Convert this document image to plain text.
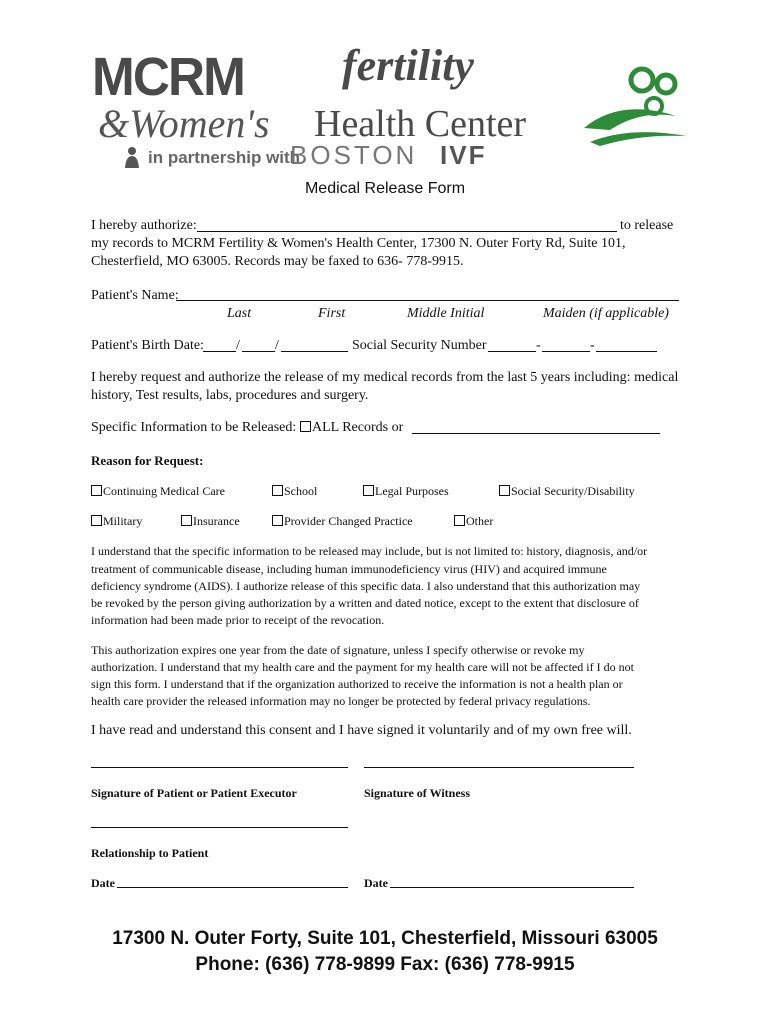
MCRM fertility
&Women's Health Center
in partnership with
BOSTON IVF
Medical Release Form
I hereby authorize:	to release
my records to MCRM Fertility & Women's Health Center, 17300 N. Outer Forty Rd, Suite 101,
Chesterfield, MO 63005. Records may be faxed to 636- 778-9915.
Patient's Name:
Last	First	Middle Initial	Maiden (if applicable)
Patient's Birth Date: /	/	Social Security Number	-	-
I hereby request and authorize the release of my medical records from the last 5 years including: medical
history, Test results, labs, procedures and surgery.
Specific Information to be Released:	ALL Records or
Reason for Request:
Continuing Medical Care	School	Legal Purposes	Social Security/Disability
Military	Insurance	Provider Changed Practice	Other
I understand that the specific information to be released may include, but is not limited to: history, diagnosis, and/or
treatment of communicable disease, including human immunodeficiency virus (HIV) and acquired immune
deficiency syndrome (AIDS). I authorize release of this specific data. I also understand that this authorization may
be revoked by the person giving authorization by a written and dated notice, except to the extent that disclosure of
information had been made prior to receipt of the revocation.
This authorization expires one year from the date of signature, unless I specify otherwise or revoke my
authorization. I understand that my health care and the payment for my health care will not be affected if I do not
sign this form. I understand that if the organization authorized to receive the information is not a health plan or
health care provider the released information may no longer be protected by federal privacy regulations.
I have read and understand this consent and I have signed it voluntarily and of my own free will.
Signature of Patient or Patient Executor	Signature of Witness
Relationship to Patient
Date	Date
17300 N. Outer Forty, Suite 101, Chesterfield, Missouri 63005
Phone: (636) 778-9899 Fax: (636) 778-9915
